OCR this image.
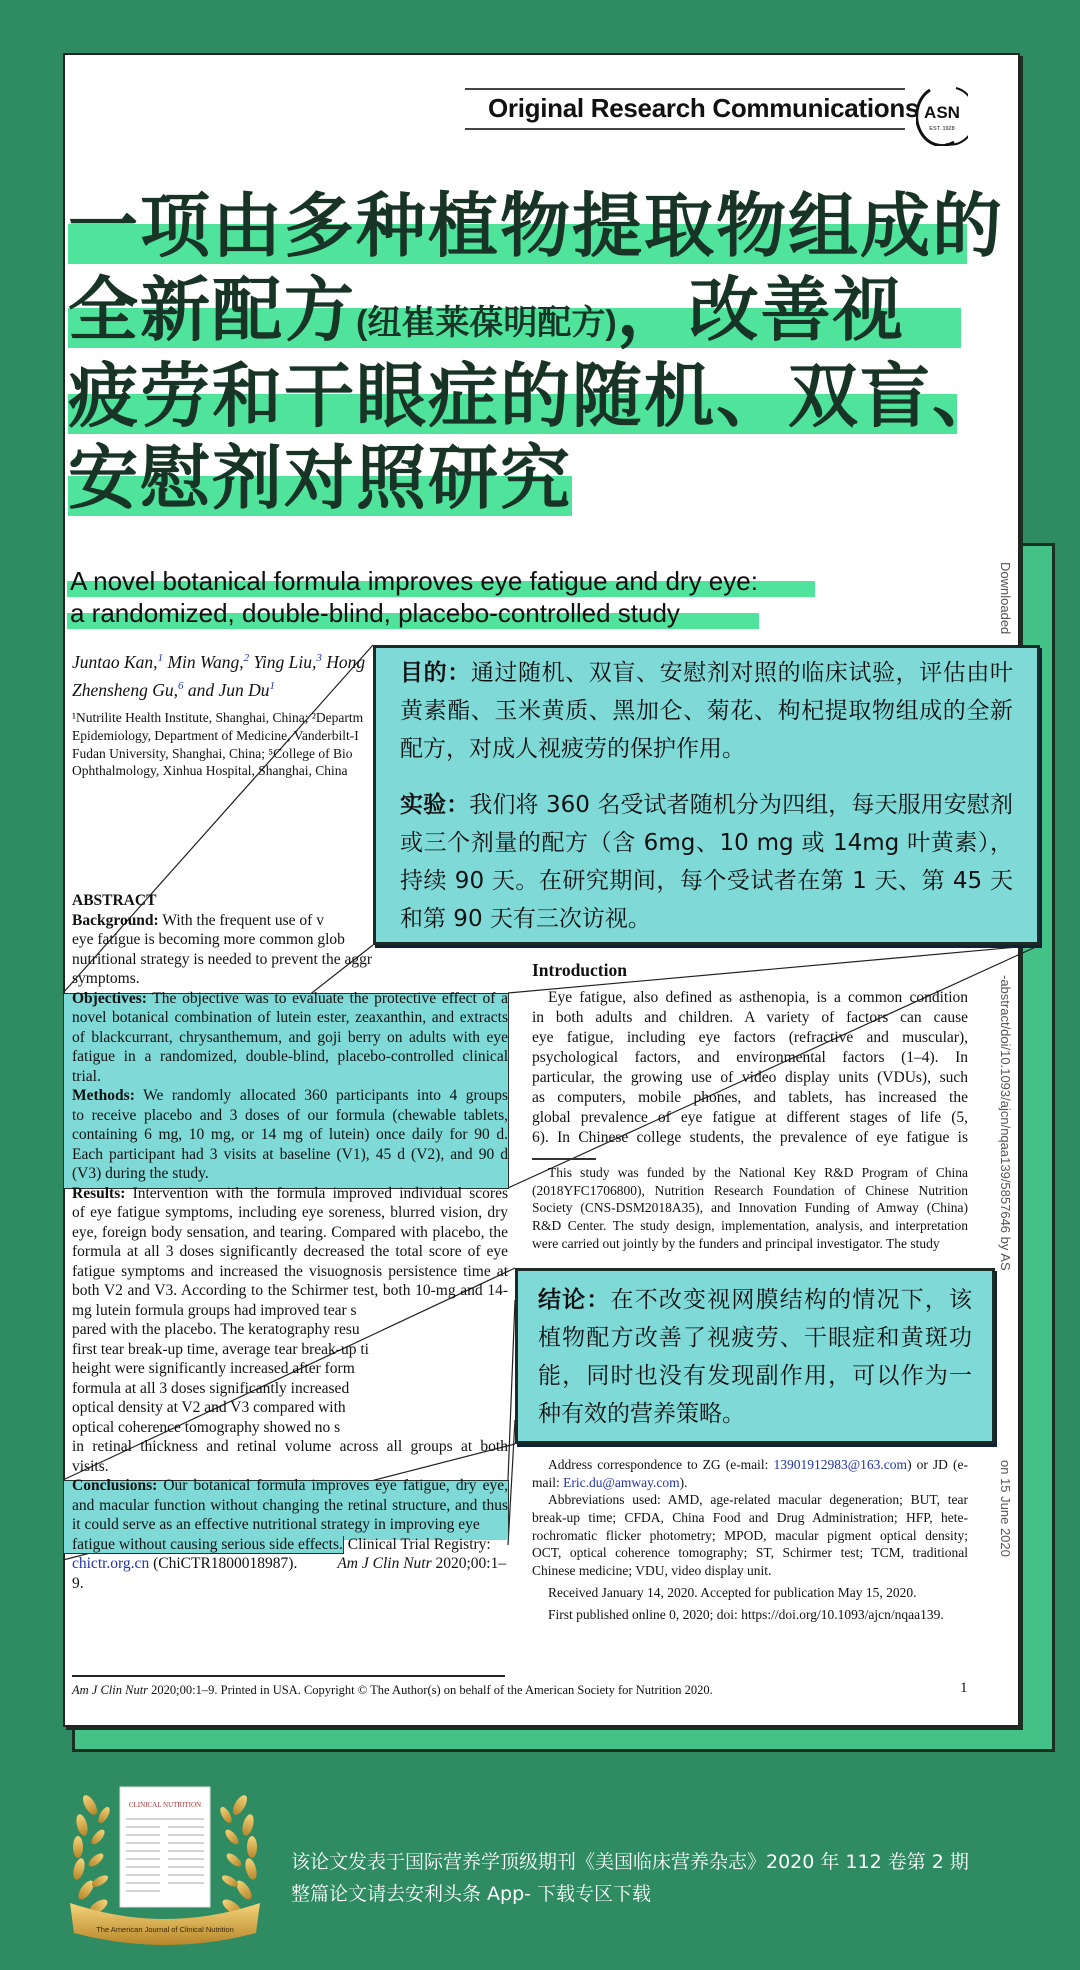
Original Research Communications ASN
EST. 1928
一项由多种植物提取物组成的
全新配方(纽崔莱葆明配方)，改善视
疲劳和干眼症的随机、双盲、
安慰剂对照研究
A novel botanical formula improves eye fatigue and dry eye:
a randomized, double-blind, placebo-controlled study
Juntao Kan,$^1$ Min Wang,$^2$ Ying Liu,$^3$ Hong
Zhensheng Gu,$^6$ and Jun Du$^1$
¹Nutrilite Health Institute, Shanghai, China; ²Departm
Epidemiology, Department of Medicine, Vanderbilt-I
Fudan University, Shanghai, China; ⁵College of Bio
Ophthalmology, Xinhua Hospital, Shanghai, China
ABSTRACT
Background: With the frequent use of v
eye fatigue is becoming more common glob
nutritional strategy is needed to prevent the aggr
symptoms.
Objectives: The objective was to evaluate the protective effect of a
novel botanical combination of lutein ester, zeaxanthin, and extracts
of blackcurrant, chrysanthemum, and goji berry on adults with eye
fatigue in a randomized, double-blind, placebo-controlled clinical
trial.
Methods: We randomly allocated 360 participants into 4 groups
to receive placebo and 3 doses of our formula (chewable tablets,
containing 6 mg, 10 mg, or 14 mg of lutein) once daily for 90 d.
Each participant had 3 visits at baseline (V1), 45 d (V2), and 90 d
(V3) during the study.
Results: Intervention with the formula improved individual scores
of eye fatigue symptoms, including eye soreness, blurred vision, dry
eye, foreign body sensation, and tearing. Compared with placebo, the
formula at all 3 doses significantly decreased the total score of eye
fatigue symptoms and increased the visuognosis persistence time at
both V2 and V3. According to the Schirmer test, both 10-mg and 14-
mg lutein formula groups had improved tear s
pared with the placebo. The keratography resu
first tear break-up time, average tear break-up ti
height were significantly increased after form
formula at all 3 doses significantly increased
optical density at V2 and V3 compared with
optical coherence tomography showed no s
in retinal thickness and retinal volume across all groups at both
visits.
Conclusions: Our botanical formula improves eye fatigue, dry eye,
and macular function without changing the retinal structure, and thus
it could serve as an effective nutritional strategy in improving eye
fatigue without causing serious side effects. Clinical Trial Registry:
chictr.org.cn (ChiCTR1800018987).	Am J Clin Nutr 2020;00:1–
9.
Introduction
Eye fatigue, also defined as asthenopia, is a common condition
in both adults and children. A variety of factors can cause
eye fatigue, including eye factors (refractive and muscular),
psychological factors, and environmental factors (1–4). In
particular, the growing use of video display units (VDUs), such
as computers, mobile phones, and tablets, has increased the
global prevalence of eye fatigue at different stages of life (5,
6). In Chinese college students, the prevalence of eye fatigue is
This study was funded by the National Key R&D Program of China
(2018YFC1706800), Nutrition Research Foundation of Chinese Nutrition
Society (CNS-DSM2018A35), and Innovation Funding of Amway (China)
R&D Center. The study design, implementation, analysis, and interpretation
were carried out jointly by the funders and principal investigator. The study
Address correspondence to ZG (e-mail: 13901912983@163.com) or JD (e-
mail: Eric.du@amway.com).
Abbreviations used: AMD, age-related macular degeneration; BUT, tear
break-up time; CFDA, China Food and Drug Administration; HFP, hete-
rochromatic flicker photometry; MPOD, macular pigment optical density;
OCT, optical coherence tomography; ST, Schirmer test; TCM, traditional
Chinese medicine; VDU, video display unit.
Received January 14, 2020. Accepted for publication May 15, 2020.
First published online 0, 2020; doi: https://doi.org/10.1093/ajcn/nqaa139.
Am J Clin Nutr 2020;00:1–9. Printed in USA. Copyright © The Author(s) on behalf of the American Society for Nutrition 2020.	1
Downloaded
-abstract/doi/10.1093/ajcn/nqaa139/5857646 by AS
on 15 June 2020

目的：通过随机、双盲、安慰剂对照的临床试验，评估由叶黄素酯、玉米黄质、黑加仑、菊花、枸杞提取物组成的全新配方，对成人视疲劳的保护作用。

实验：我们将 360 名受试者随机分为四组，每天服用安慰剂或三个剂量的配方（含 6mg、10 mg 或 14mg 叶黄素），持续 90 天。在研究期间，每个受试者在第 1 天、第 45 天和第 90 天有三次访视。

结论：在不改变视网膜结构的情况下，该植物配方改善了视疲劳、干眼症和黄斑功能，同时也没有发现副作用，可以作为一种有效的营养策略。

CLINICAL NUTRITION
The American Journal of Clinical Nutrition
该论文发表于国际营养学顶级期刊《美国临床营养杂志》2020 年 112 卷第 2 期
整篇论文请去安利头条 App- 下载专区下载
